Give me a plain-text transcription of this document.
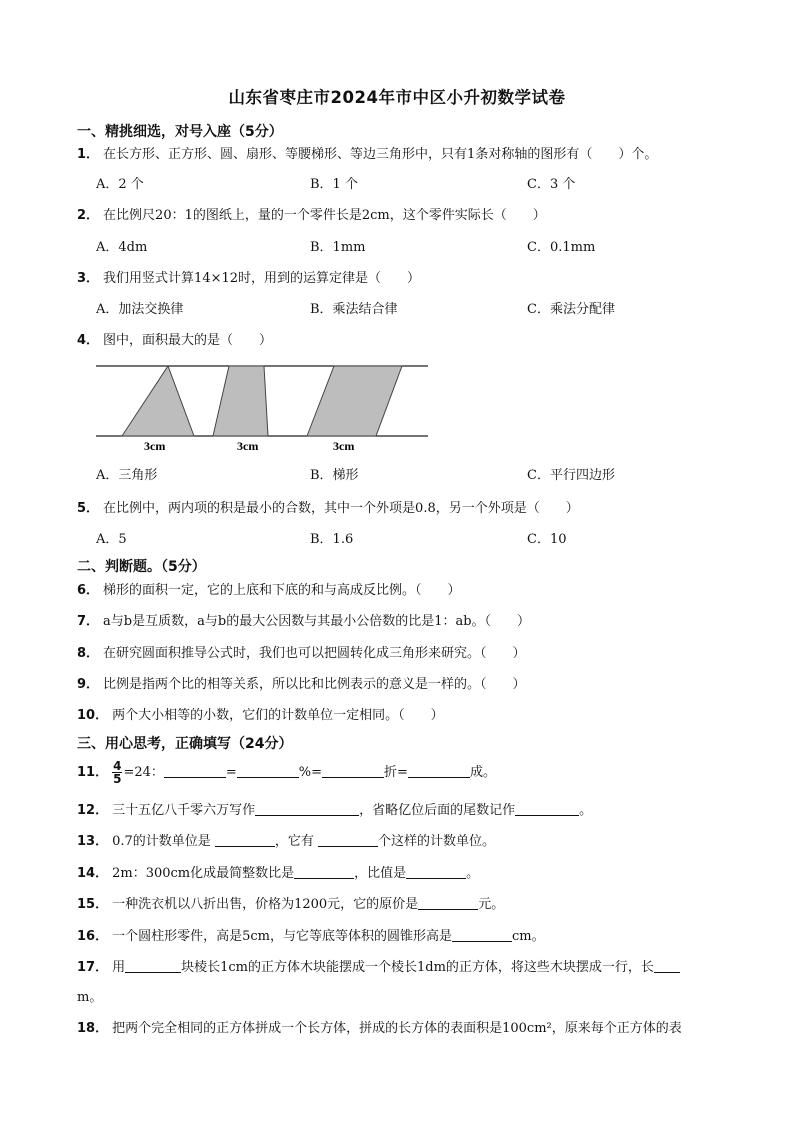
山东省枣庄市2024年市中区小升初数学试卷
一、精挑细选，对号入座（5分）
1． 在长方形、正方形、圆、扇形、等腰梯形、等边三角形中，只有1条对称轴的图形有（　　）个。
A．2 个	B．1 个	C．3 个
2． 在比例尺20：1的图纸上，量的一个零件长是2cm，这个零件实际长（　　）
A．4dm	B．1mm	C．0.1mm
3． 我们用竖式计算14×12时，用到的运算定律是（　　）
A．加法交换律	B．乘法结合律	C．乘法分配律
4． 图中，面积最大的是（　　）
3cm	3cm	3cm
A．三角形	B．梯形	C．平行四边形
5． 在比例中，两内项的积是最小的合数，其中一个外项是0.8，另一个外项是（　　）
A．5	B．1.6	C．10
二、判断题。（5分）
6． 梯形的面积一定，它的上底和下底的和与高成反比例。（　　）
7． a与b是互质数，a与b的最大公因数与其最小公倍数的比是1：ab。（　　）
8． 在研究圆面积推导公式时，我们也可以把圆转化成三角形来研究。（　　）
9． 比例是指两个比的相等关系，所以比和比例表示的意义是一样的。（　　）
10． 两个大小相等的小数，它们的计数单位一定相同。（　　）
三、用心思考，正确填写（24分）
11． $\frac{4}{5} =24$：	=	%=	折=	成。
12． 三十五亿八千零六万写作	，省略亿位后面的尾数记作	。
13． 0.7的计数单位是	，它有	个这样的计数单位。
14． 2m：300cm化成最简整数比是	，比值是	。
15． 一种洗衣机以八折出售，价格为1200元，它的原价是	元。
16． 一个圆柱形零件，高是5cm，与它等底等体积的圆锥形高是	cm。
17． 用	块棱长1cm的正方体木块能摆成一个棱长1dm的正方体，将这些木块摆成一行，长
m。
18． 把两个完全相同的正方体拼成一个长方体，拼成的长方体的表面积是100cm²，原来每个正方体的表
